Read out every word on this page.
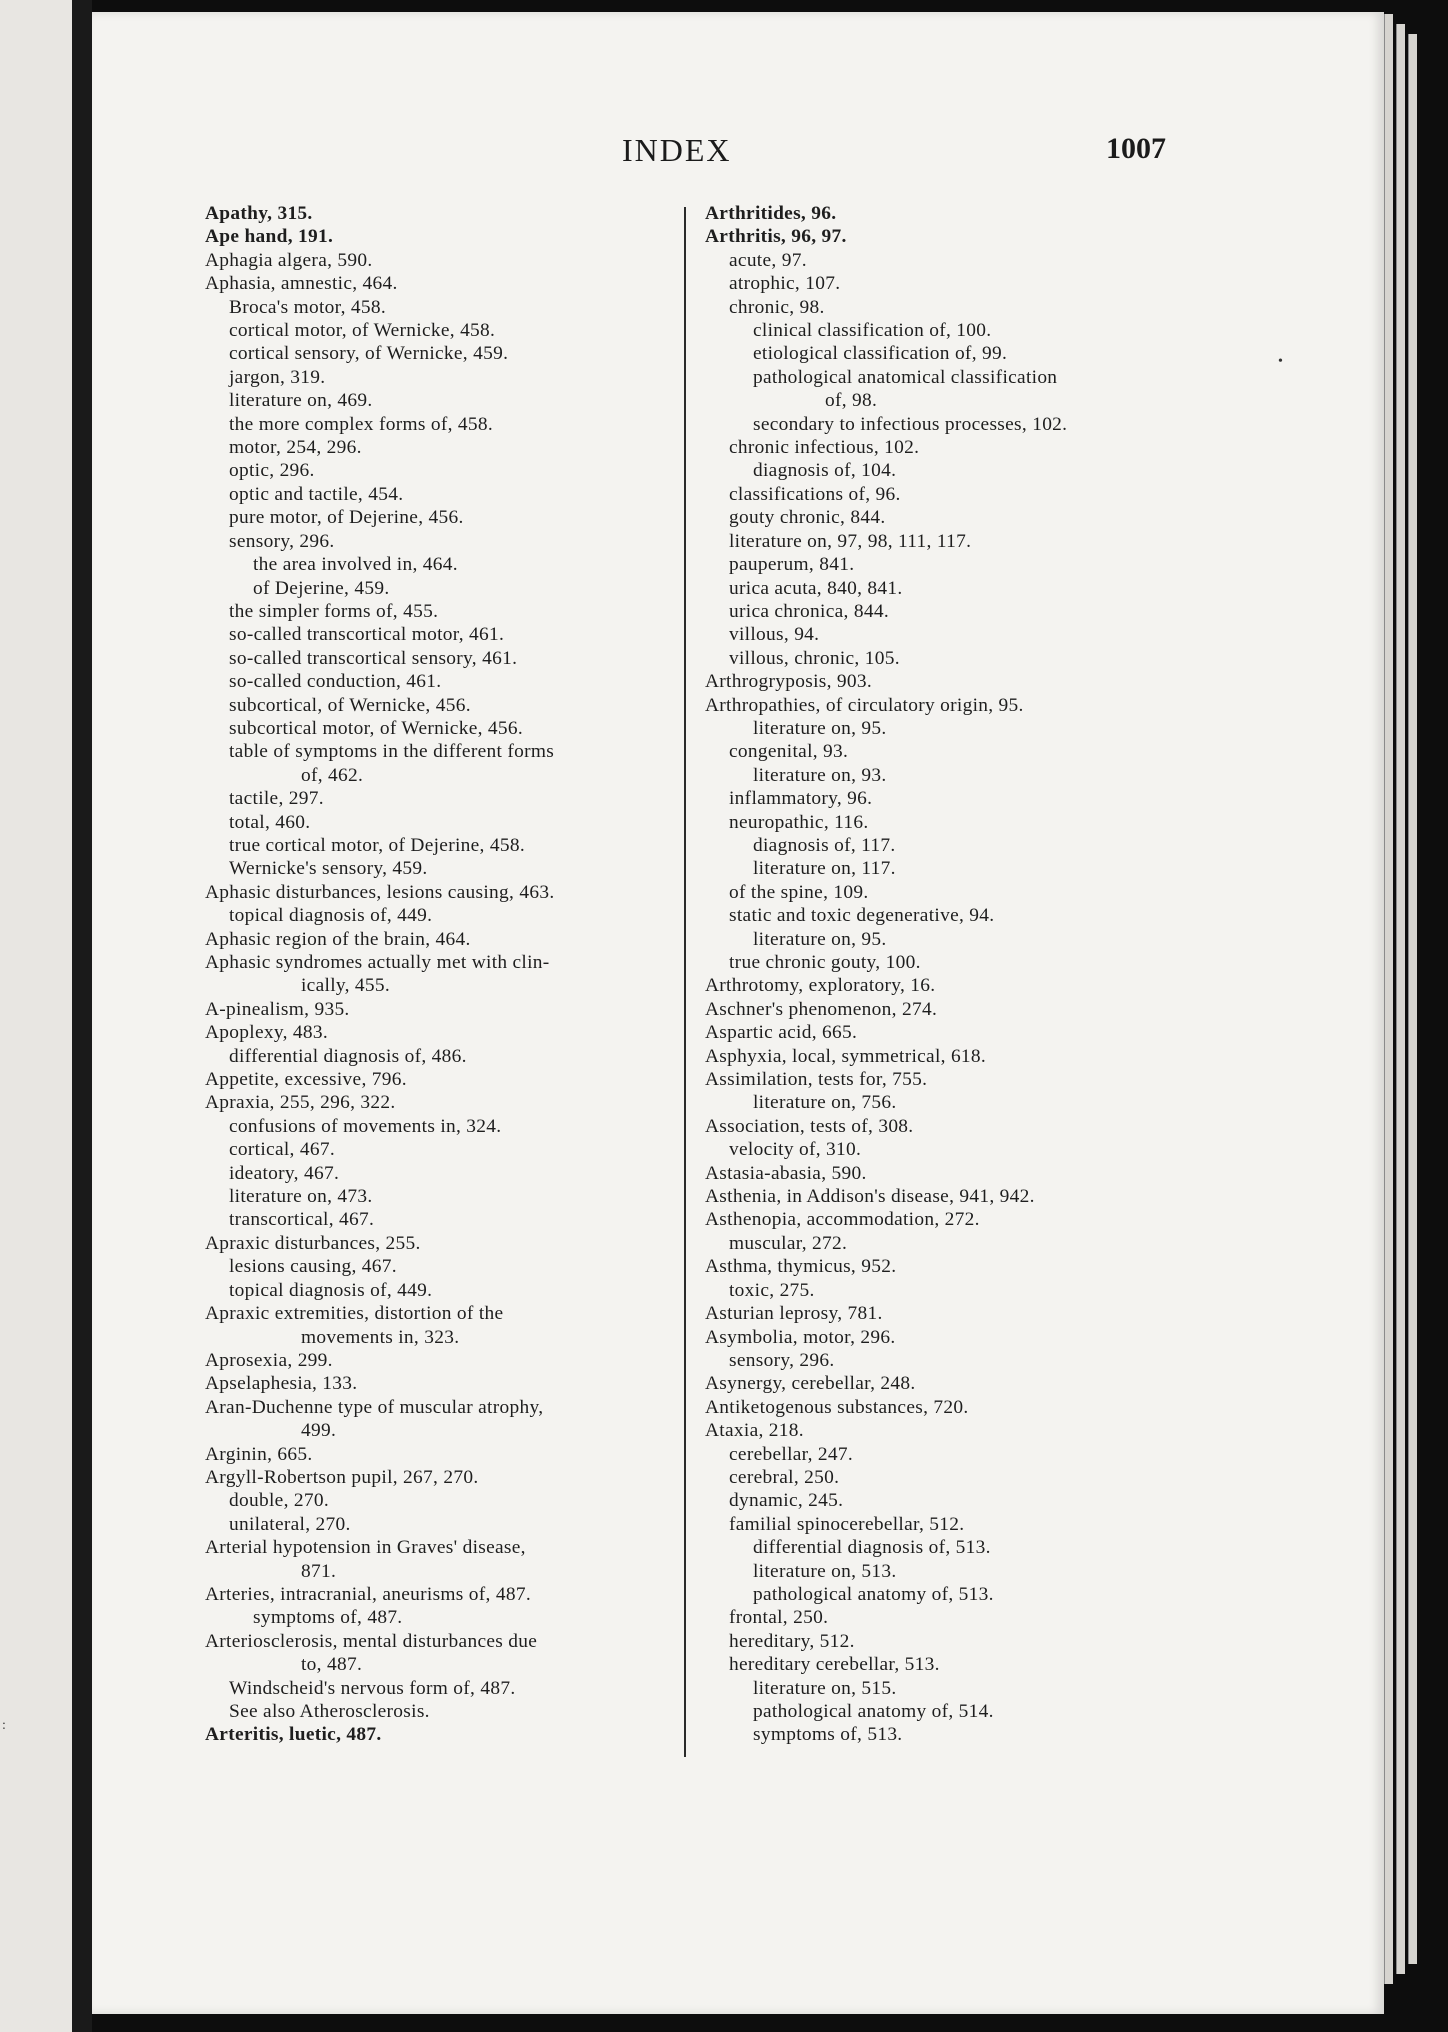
INDEX	1007
Apathy, 315.
Ape hand, 191.
Aphagia algera, 590.
Aphasia, amnestic, 464.
Broca's motor, 458.
cortical motor, of Wernicke, 458.
cortical sensory, of Wernicke, 459.
jargon, 319.
literature on, 469.
the more complex forms of, 458.
motor, 254, 296.
optic, 296.
optic and tactile, 454.
pure motor, of Dejerine, 456.
sensory, 296.
the area involved in, 464.
of Dejerine, 459.
the simpler forms of, 455.
so-called transcortical motor, 461.
so-called transcortical sensory, 461.
so-called conduction, 461.
subcortical, of Wernicke, 456.
subcortical motor, of Wernicke, 456.
table of symptoms in the different forms
of, 462.
tactile, 297.
total, 460.
true cortical motor, of Dejerine, 458.
Wernicke's sensory, 459.
Aphasic disturbances, lesions causing, 463.
topical diagnosis of, 449.
Aphasic region of the brain, 464.
Aphasic syndromes actually met with clin-
ically, 455.
A-pinealism, 935.
Apoplexy, 483.
differential diagnosis of, 486.
Appetite, excessive, 796.
Apraxia, 255, 296, 322.
confusions of movements in, 324.
cortical, 467.
ideatory, 467.
literature on, 473.
transcortical, 467.
Apraxic disturbances, 255.
lesions causing, 467.
topical diagnosis of, 449.
Apraxic extremities, distortion of the
movements in, 323.
Aprosexia, 299.
Apselaphesia, 133.
Aran-Duchenne type of muscular atrophy,
499.
Arginin, 665.
Argyll-Robertson pupil, 267, 270.
double, 270.
unilateral, 270.
Arterial hypotension in Graves' disease,
871.
Arteries, intracranial, aneurisms of, 487.
symptoms of, 487.
Arteriosclerosis, mental disturbances due
to, 487.
Windscheid's nervous form of, 487.
See also Atherosclerosis.
Arteritis, luetic, 487.
Arthritides, 96.
Arthritis, 96, 97.
acute, 97.
atrophic, 107.
chronic, 98.
clinical classification of, 100.
etiological classification of, 99.
pathological anatomical classification
of, 98.
secondary to infectious processes, 102.
chronic infectious, 102.
diagnosis of, 104.
classifications of, 96.
gouty chronic, 844.
literature on, 97, 98, 111, 117.
pauperum, 841.
urica acuta, 840, 841.
urica chronica, 844.
villous, 94.
villous, chronic, 105.
Arthrogryposis, 903.
Arthropathies, of circulatory origin, 95.
literature on, 95.
congenital, 93.
literature on, 93.
inflammatory, 96.
neuropathic, 116.
diagnosis of, 117.
literature on, 117.
of the spine, 109.
static and toxic degenerative, 94.
literature on, 95.
true chronic gouty, 100.
Arthrotomy, exploratory, 16.
Aschner's phenomenon, 274.
Aspartic acid, 665.
Asphyxia, local, symmetrical, 618.
Assimilation, tests for, 755.
literature on, 756.
Association, tests of, 308.
velocity of, 310.
Astasia-abasia, 590.
Asthenia, in Addison's disease, 941, 942.
Asthenopia, accommodation, 272.
muscular, 272.
Asthma, thymicus, 952.
toxic, 275.
Asturian leprosy, 781.
Asymbolia, motor, 296.
sensory, 296.
Asynergy, cerebellar, 248.
Antiketogenous substances, 720.
Ataxia, 218.
cerebellar, 247.
cerebral, 250.
dynamic, 245.
familial spinocerebellar, 512.
differential diagnosis of, 513.
literature on, 513.
pathological anatomy of, 513.
frontal, 250.
hereditary, 512.
hereditary cerebellar, 513.
literature on, 515.
pathological anatomy of, 514.
symptoms of, 513.
•
:
